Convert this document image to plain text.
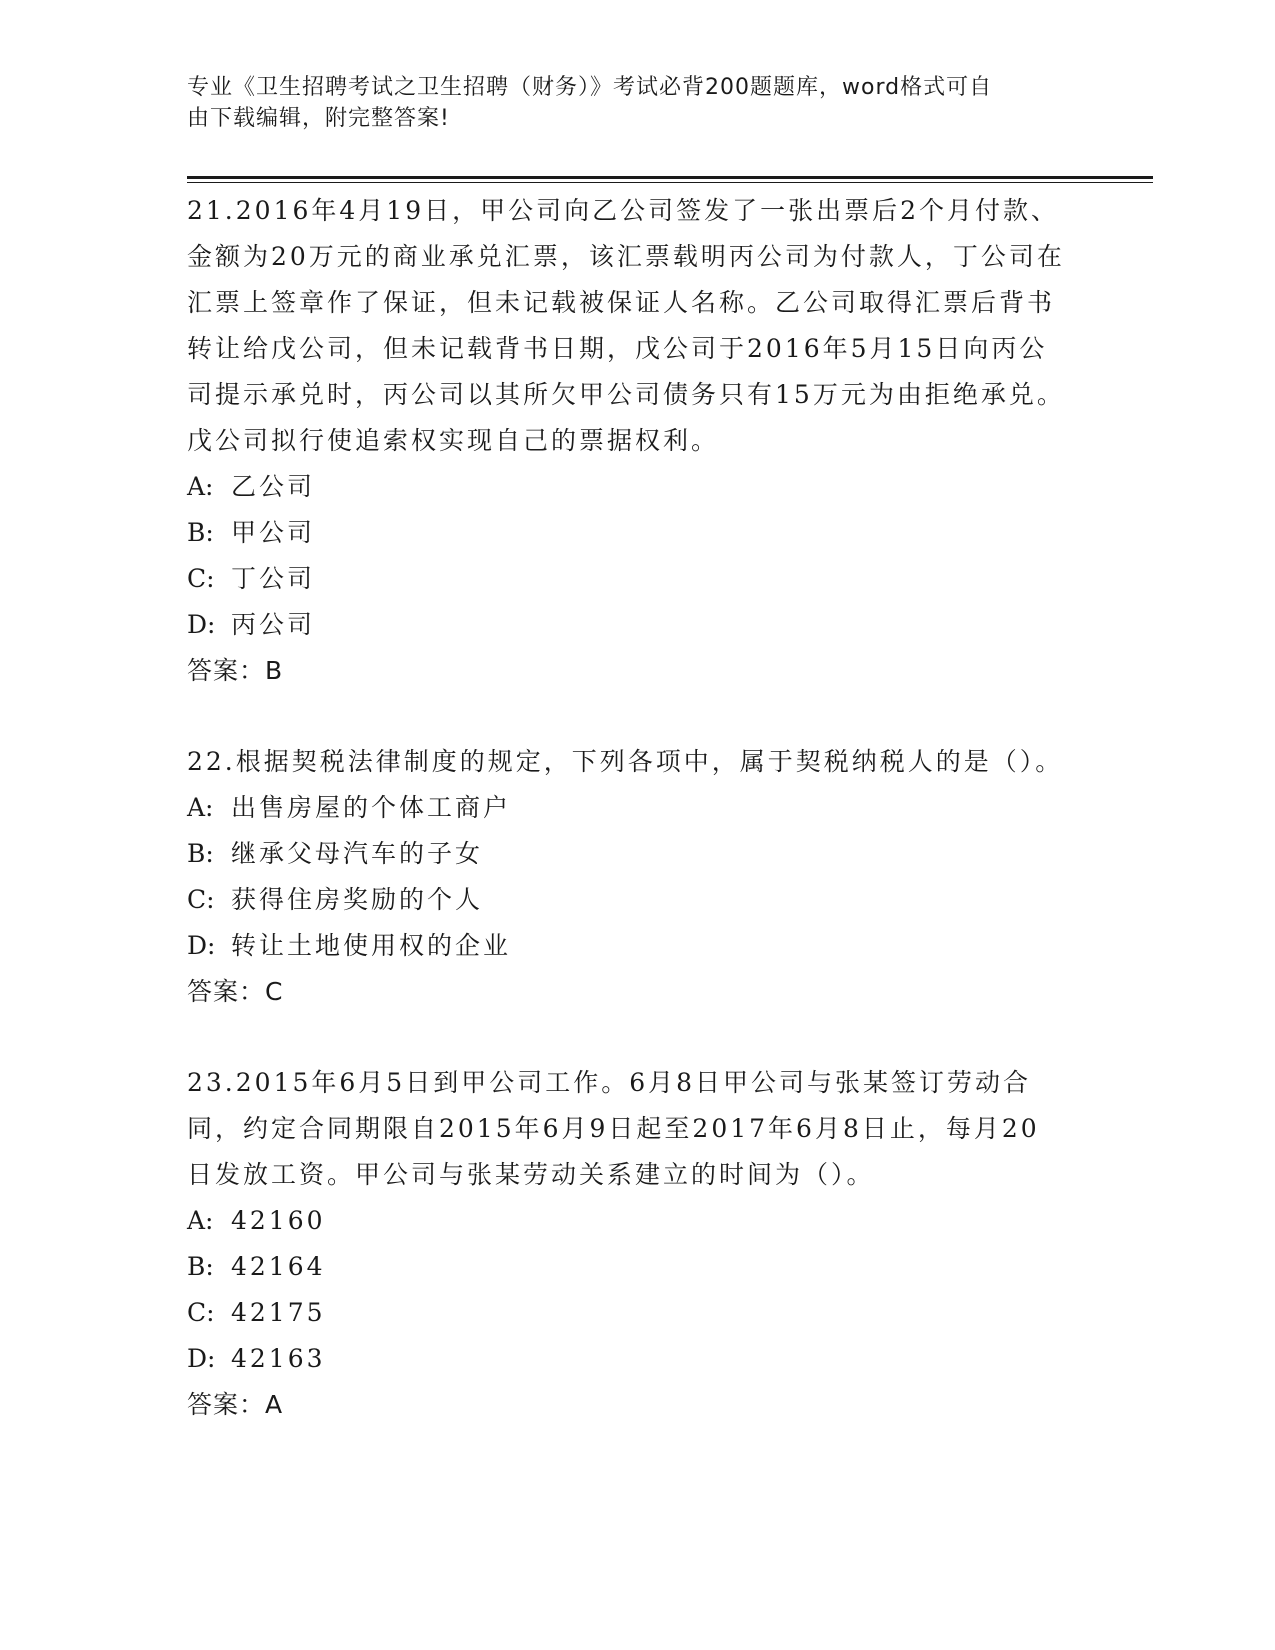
专业《卫生招聘考试之卫生招聘（财务）》考试必背200题题库，word格式可自
由下载编辑，附完整答案!

21.2016年4月19日，甲公司向乙公司签发了一张出票后2个月付款、金额为20万元的商业承兑汇票，该汇票载明丙公司为付款人，丁公司在汇票上签章作了保证，但未记载被保证人名称。乙公司取得汇票后背书转让给戊公司，但未记载背书日期，戊公司于2016年5月15日向丙公司提示承兑时，丙公司以其所欠甲公司债务只有15万元为由拒绝承兑。戊公司拟行使追索权实现自己的票据权利。

A: 乙公司
B: 甲公司
C: 丁公司
D: 丙公司
答案：B

22.根据契税法律制度的规定，下列各项中，属于契税纳税人的是（）。

A: 出售房屋的个体工商户
B: 继承父母汽车的子女
C: 获得住房奖励的个人
D: 转让土地使用权的企业
答案：C

23.2015年6月5日到甲公司工作。6月8日甲公司与张某签订劳动合同，约定合同期限自2015年6月9日起至2017年6月8日止，每月20日发放工资。甲公司与张某劳动关系建立的时间为（）。

A: 42160
B: 42164
C: 42175
D: 42163
答案：A
